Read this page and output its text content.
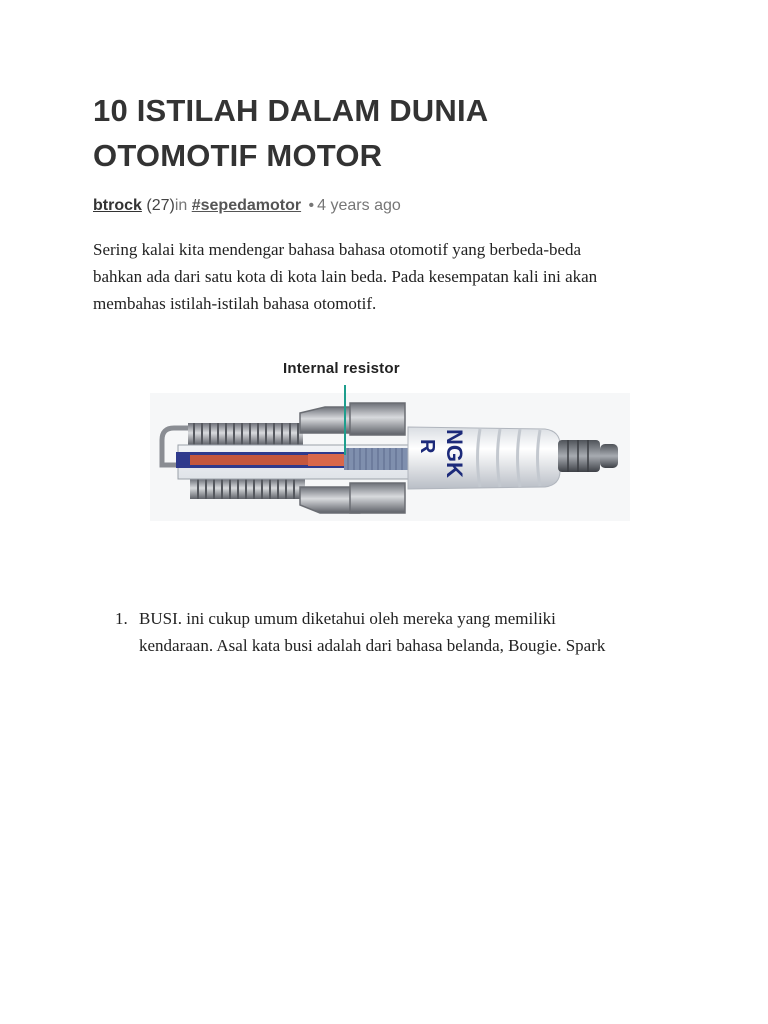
10 ISTILAH DALAM DUNIA
OTOMOTIF MOTOR
btrock (27)in #sepedamotor • 4 years ago
Sering kalai kita mendengar bahasa bahasa otomotif yang berbeda-beda
bahkan ada dari satu kota di kota lain beda. Pada kesempatan kali ini akan
membahas istilah-istilah bahasa otomotif.
Internal resistor
NGK
R
1. BUSI. ini cukup umum diketahui oleh mereka yang memiliki
kendaraan. Asal kata busi adalah dari bahasa belanda, Bougie. Spark
